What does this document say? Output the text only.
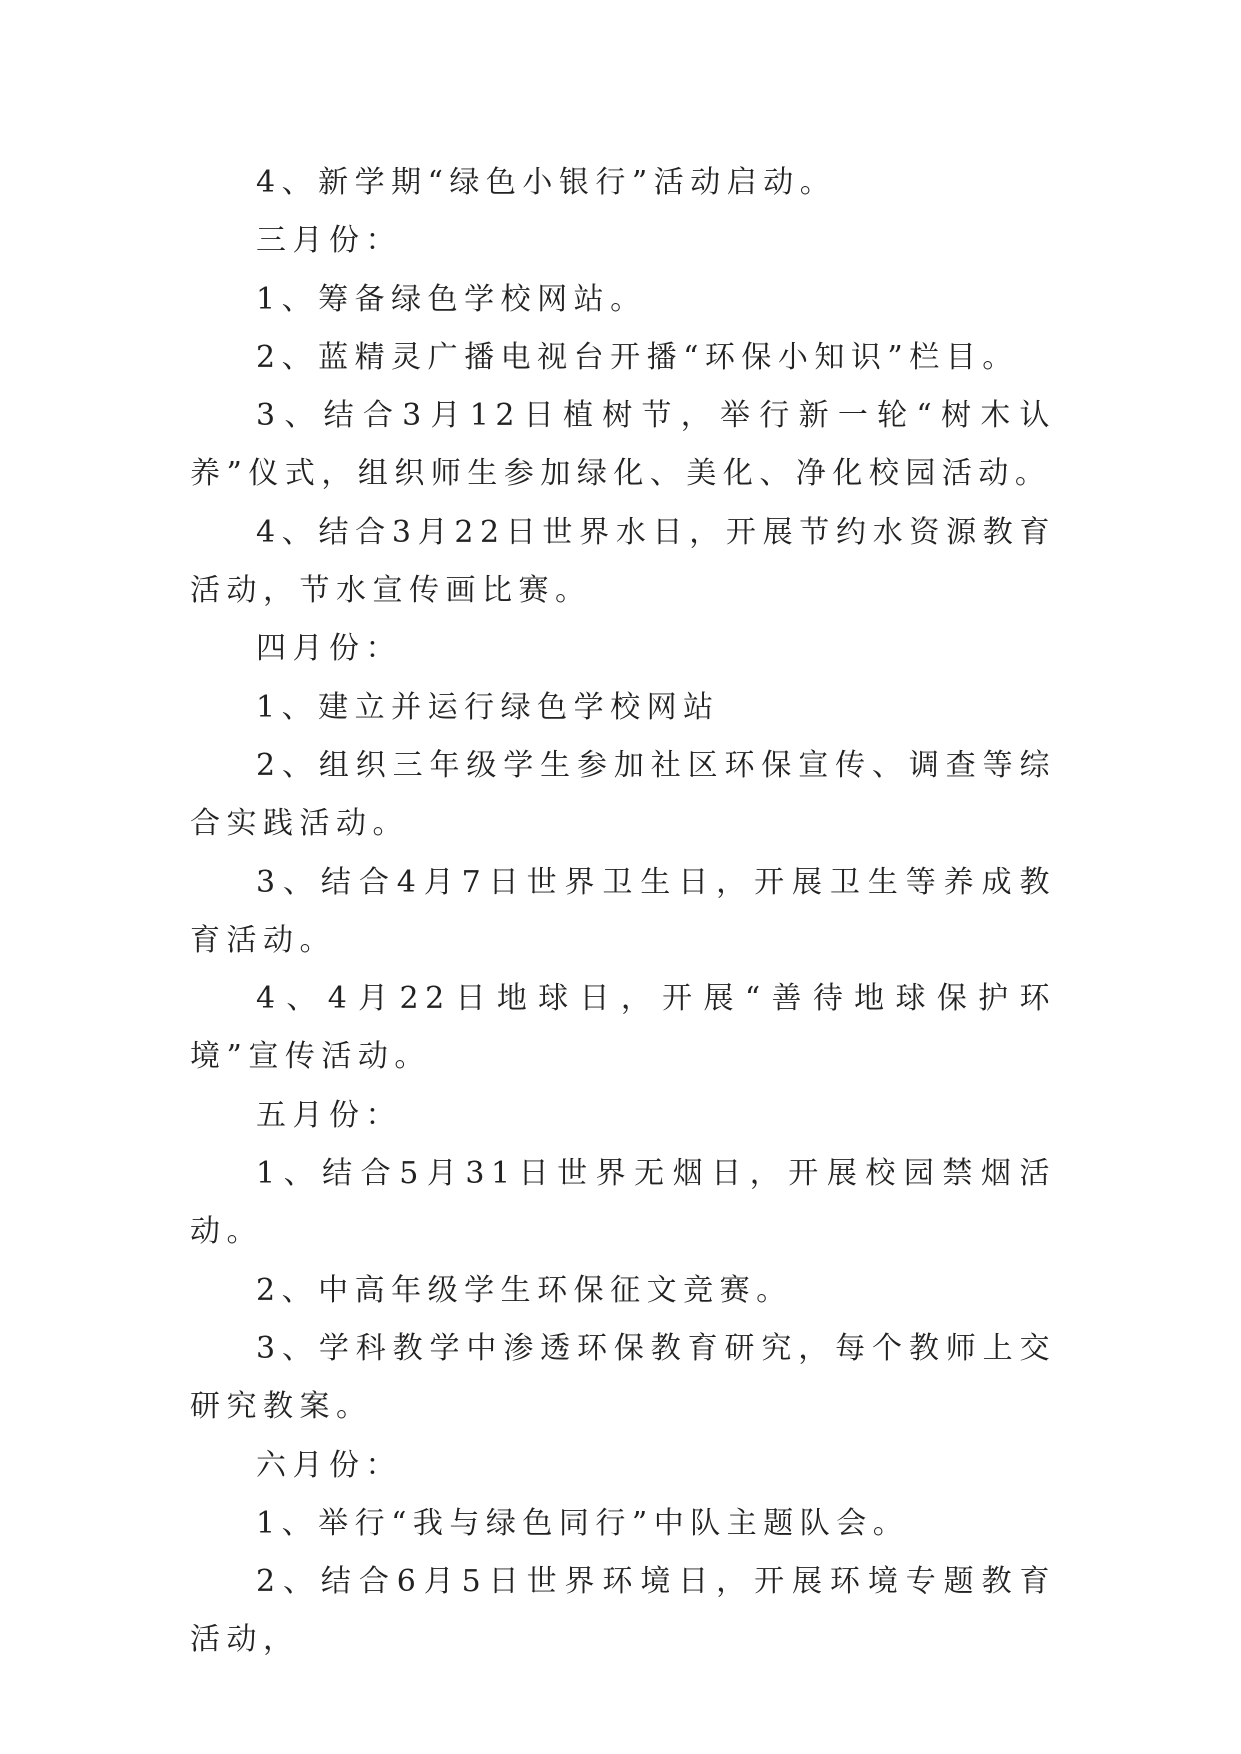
4、新学期“绿色小银行”活动启动。

三月份：

1、筹备绿色学校网站。

2、蓝精灵广播电视台开播“环保小知识”栏目。

3、结合3月12日植树节，举行新一轮“树木认养”仪式，组织师生参加绿化、美化、净化校园活动。

4、结合3月22日世界水日，开展节约水资源教育活动，节水宣传画比赛。

四月份：

1、建立并运行绿色学校网站

2、组织三年级学生参加社区环保宣传、调查等综合实践活动。

3、结合4月7日世界卫生日，开展卫生等养成教育活动。

4、4月22日地球日，开展“善待地球保护环境”宣传活动。

五月份：

1、结合5月31日世界无烟日，开展校园禁烟活动。

2、中高年级学生环保征文竞赛。

3、学科教学中渗透环保教育研究，每个教师上交研究教案。

六月份：

1、举行“我与绿色同行”中队主题队会。

2、结合6月5日世界环境日，开展环境专题教育活动，
